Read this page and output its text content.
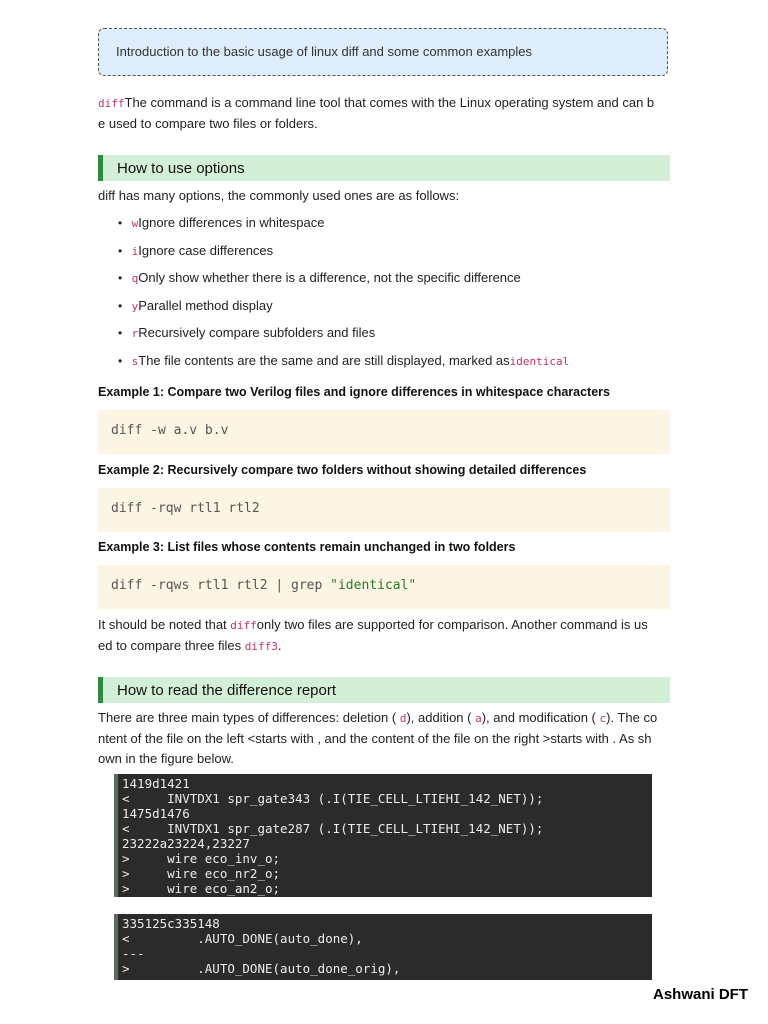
Introduction to the basic usage of linux diff and some common examples
diffThe command is a command line tool that comes with the Linux operating system and can b
e used to compare two files or folders.
How to use options
diff has many options, the commonly used ones are as follows:
• wIgnore differences in whitespace
• iIgnore case differences
• qOnly show whether there is a difference, not the specific difference
• yParallel method display
• rRecursively compare subfolders and files
• sThe file contents are the same and are still displayed, marked asidentical
Example 1: Compare two Verilog files and ignore differences in whitespace characters
diff -w a.v b.v
Example 2: Recursively compare two folders without showing detailed differences
diff -rqw rtl1 rtl2
Example 3: List files whose contents remain unchanged in two folders
diff -rqws rtl1 rtl2 | grep "identical"
It should be noted that diffonly two files are supported for comparison. Another command is us
ed to compare three files diff3.
How to read the difference report
There are three main types of differences: deletion ( d), addition ( a), and modification ( c). The co
ntent of the file on the left <starts with , and the content of the file on the right >starts with . As sh
own in the figure below.
1419d1421
<     INVTDX1 spr_gate343 (.I(TIE_CELL_LTIEHI_142_NET));
1475d1476
<     INVTDX1 spr_gate287 (.I(TIE_CELL_LTIEHI_142_NET));
23222a23224,23227
>     wire eco_inv_o;
>     wire eco_nr2_o;
>     wire eco_an2_o;
335125c335148
<         .AUTO_DONE(auto_done),
---
>         .AUTO_DONE(auto_done_orig),
Ashwani DFT
